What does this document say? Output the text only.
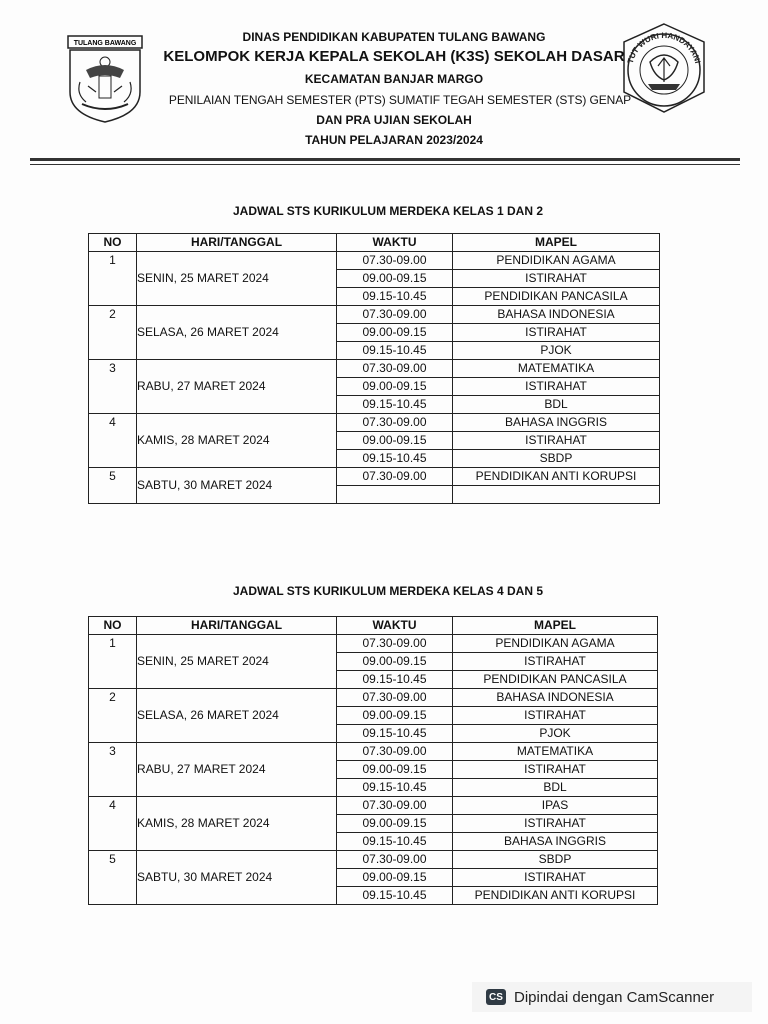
TULANG BAWANG
TUT WURI HANDAYANI
DINAS PENDIDIKAN KABUPATEN TULANG BAWANG
KELOMPOK KERJA KEPALA SEKOLAH (K3S) SEKOLAH DASAR
KECAMATAN BANJAR MARGO
PENILAIAN TENGAH SEMESTER (PTS) SUMATIF TEGAH SEMESTER (STS) GENAP
DAN PRA UJIAN SEKOLAH
TAHUN PELAJARAN 2023/2024
JADWAL STS KURIKULUM MERDEKA KELAS 1 DAN 2
NO	HARI/TANGGAL	WAKTU	MAPEL
1	SENIN, 25 MARET 2024	07.30-09.00	PENDIDIKAN AGAMA
		09.00-09.15	ISTIRAHAT
		09.15-10.45	PENDIDIKAN PANCASILA
2	SELASA, 26 MARET 2024	07.30-09.00	BAHASA INDONESIA
		09.00-09.15	ISTIRAHAT
		09.15-10.45	PJOK
3	RABU, 27 MARET 2024	07.30-09.00	MATEMATIKA
		09.00-09.15	ISTIRAHAT
		09.15-10.45	BDL
4	KAMIS, 28 MARET 2024	07.30-09.00	BAHASA INGGRIS
		09.00-09.15	ISTIRAHAT
		09.15-10.45	SBDP
5	SABTU, 30 MARET 2024	07.30-09.00	PENDIDIKAN ANTI KORUPSI

JADWAL STS KURIKULUM MERDEKA KELAS 4 DAN 5
NO	HARI/TANGGAL	WAKTU	MAPEL
1	SENIN, 25 MARET 2024	07.30-09.00	PENDIDIKAN AGAMA
		09.00-09.15	ISTIRAHAT
		09.15-10.45	PENDIDIKAN PANCASILA
2	SELASA, 26 MARET 2024	07.30-09.00	BAHASA INDONESIA
		09.00-09.15	ISTIRAHAT
		09.15-10.45	PJOK
3	RABU, 27 MARET 2024	07.30-09.00	MATEMATIKA
		09.00-09.15	ISTIRAHAT
		09.15-10.45	BDL
4	KAMIS, 28 MARET 2024	07.30-09.00	IPAS
		09.00-09.15	ISTIRAHAT
		09.15-10.45	BAHASA INGGRIS
5	SABTU, 30 MARET 2024	07.30-09.00	SBDP
		09.00-09.15	ISTIRAHAT
		09.15-10.45	PENDIDIKAN ANTI KORUPSI
CS Dipindai dengan CamScanner
